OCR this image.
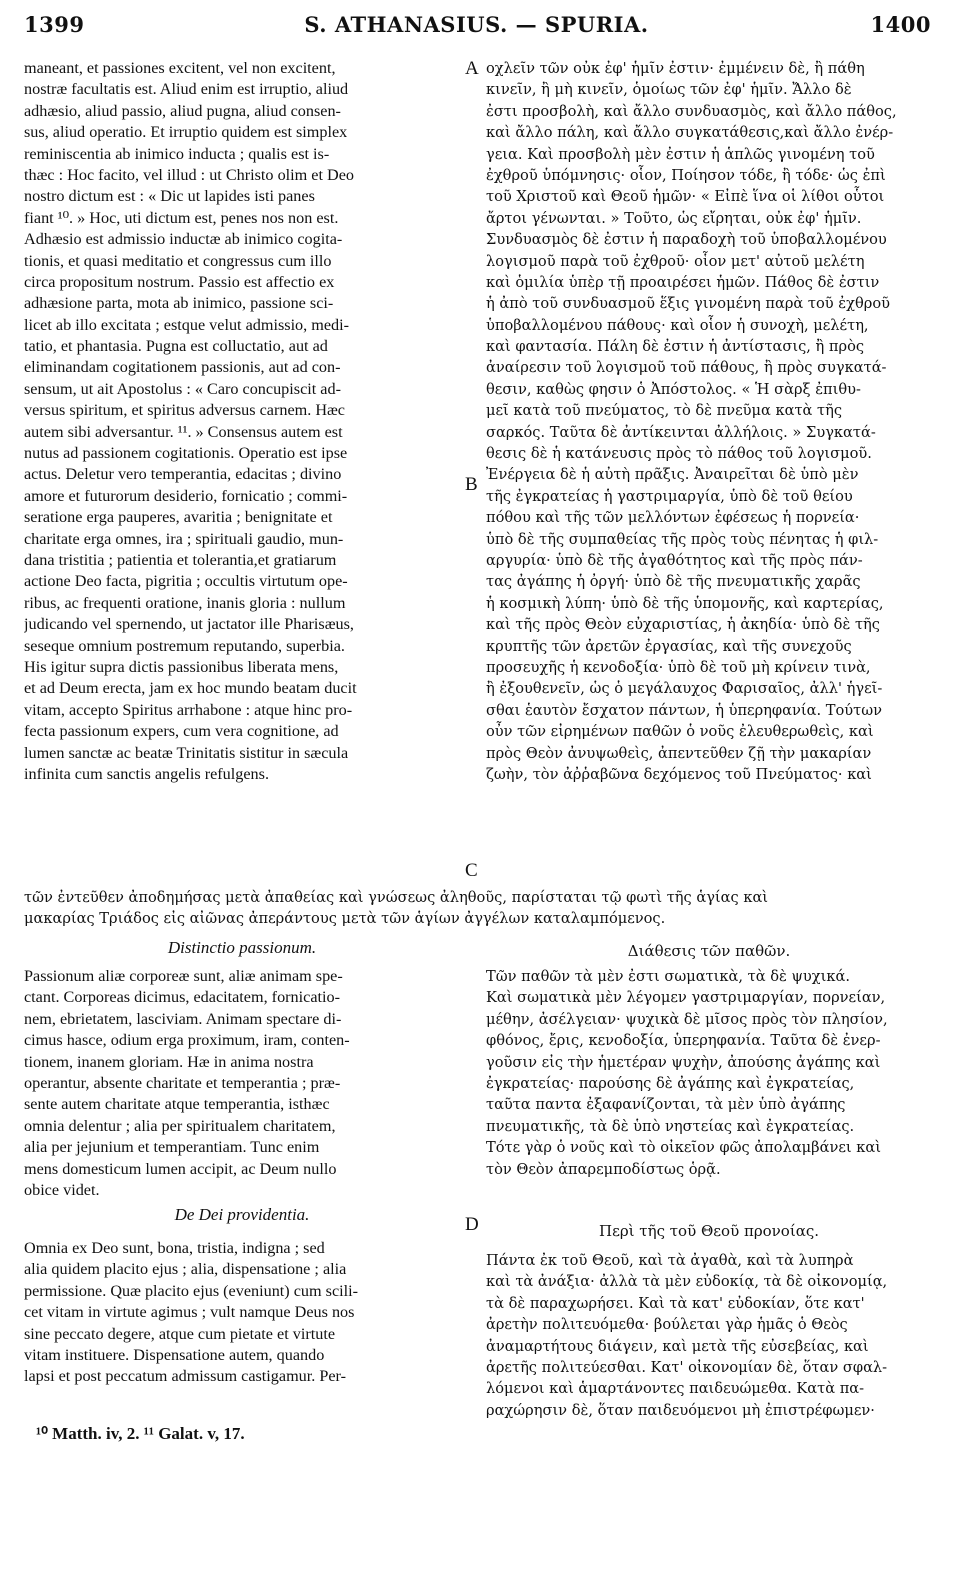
1399	S. ATHANASIUS. — SPURIA.	1400
A
B
C
D
maneant, et passiones excitent, vel non excitent,
nostræ facultatis est. Aliud enim est irruptio, aliud
adhæsio, aliud passio, aliud pugna, aliud consen-
sus, aliud operatio. Et irruptio quidem est simplex
reminiscentia ab inimico inducta ; qualis est is-
thæc : Hoc facito, vel illud : ut Christo olim et Deo
nostro dictum est : « Dic ut lapides isti panes
fiant ¹⁰. » Hoc, uti dictum est, penes nos non est.
Adhæsio est admissio inductæ ab inimico cogita-
tionis, et quasi meditatio et congressus cum illo
circa propositum nostrum. Passio est affectio ex
adhæsione parta, mota ab inimico, passione sci-
licet ab illo excitata ; estque velut admissio, medi-
tatio, et phantasia. Pugna est colluctatio, aut ad
eliminandam cogitationem passionis, aut ad con-
sensum, ut ait Apostolus : « Caro concupiscit ad-
versus spiritum, et spiritus adversus carnem. Hæc
autem sibi adversantur. ¹¹. » Consensus autem est
nutus ad passionem cogitationis. Operatio est ipse
actus. Deletur vero temperantia, edacitas ; divino
amore et futurorum desiderio, fornicatio ; commi-
seratione erga pauperes, avaritia ; benignitate et
charitate erga omnes, ira ; spirituali gaudio, mun-
dana tristitia ; patientia et tolerantia,et gratiarum
actione Deo facta, pigritia ; occultis virtutum ope-
ribus, ac frequenti oratione, inanis gloria : nullum
judicando vel spernendo, ut jactator ille Pharisæus,
seseque omnium postremum reputando, superbia.
His igitur supra dictis passionibus liberata mens,
et ad Deum erecta, jam ex hoc mundo beatam ducit
vitam, accepto Spiritus arrhabone : atque hinc pro-
fecta passionum expers, cum vera cognitione, ad
lumen sanctæ ac beatæ Trinitatis sistitur in sæcula
infinita cum sanctis angelis refulgens.
οχλεῖν τῶν οὐκ ἐφ' ἡμῖν ἐστιν· ἐμμένειν δὲ, ἢ πάθη
κινεῖν, ἢ μὴ κινεῖν, ὁμοίως τῶν ἐφ' ἡμῖν. Ἄλλο δὲ
ἐστι προσβολὴ, καὶ ἄλλο συνδυασμὸς, καὶ ἄλλο πάθος,
καὶ ἄλλο πάλη, καὶ ἄλλο συγκατάθεσις,καὶ ἄλλο ἐνέρ-
γεια. Καὶ προσβολὴ μὲν ἐστιν ἡ ἁπλῶς γινομένη τοῦ
ἐχθροῦ ὑπόμνησις· οἷον, Ποίησον τόδε, ἢ τόδε· ὡς ἐπὶ
τοῦ Χριστοῦ καὶ Θεοῦ ἡμῶν· « Εἰπὲ ἵνα οἱ λίθοι οὗτοι
ἄρτοι γένωνται. » Τοῦτο, ὡς εἴρηται, οὐκ ἐφ' ἡμῖν.
Συνδυασμὸς δὲ ἐστιν ἡ παραδοχὴ τοῦ ὑποβαλλομένου
λογισμοῦ παρὰ τοῦ ἐχθροῦ· οἷον μετ' αὐτοῦ μελέτη
καὶ ὁμιλία ὑπὲρ τῇ προαιρέσει ἡμῶν. Πάθος δὲ ἐστιν
ἡ ἀπὸ τοῦ συνδυασμοῦ ἕξις γινομένη παρὰ τοῦ ἐχθροῦ
ὑποβαλλομένου πάθους· καὶ οἷον ἡ συνοχὴ, μελέτη,
καὶ φαντασία. Πάλη δὲ ἐστιν ἡ ἀντίστασις, ἢ πρὸς
ἀναίρεσιν τοῦ λογισμοῦ τοῦ πάθους, ἢ πρὸς συγκατά-
θεσιν, καθὼς φησιν ὁ Ἀπόστολος. « Ἡ σὰρξ ἐπιθυ-
μεῖ κατὰ τοῦ πνεύματος, τὸ δὲ πνεῦμα κατὰ τῆς
σαρκός. Ταῦτα δὲ ἀντίκεινται ἀλλήλοις. » Συγκατά-
θεσις δὲ ἡ κατάνευσις πρὸς τὸ πάθος τοῦ λογισμοῦ.
Ἐνέργεια δὲ ἡ αὐτὴ πρᾶξις. Ἀναιρεῖται δὲ ὑπὸ μὲν
τῆς ἐγκρατείας ἡ γαστριμαργία, ὑπὸ δὲ τοῦ θείου
πόθου καὶ τῆς τῶν μελλόντων ἐφέσεως ἡ πορνεία·
ὑπὸ δὲ τῆς συμπαθείας τῆς πρὸς τοὺς πένητας ἡ φιλ-
αργυρία· ὑπὸ δὲ τῆς ἀγαθότητος καὶ τῆς πρὸς πάν-
τας ἀγάπης ἡ ὀργή· ὑπὸ δὲ τῆς πνευματικῆς χαρᾶς
ἡ κοσμικὴ λύπη· ὑπὸ δὲ τῆς ὑπομονῆς, καὶ καρτερίας,
καὶ τῆς πρὸς Θεὸν εὐχαριστίας, ἡ ἀκηδία· ὑπὸ δὲ τῆς
κρυπτῆς τῶν ἀρετῶν ἐργασίας, καὶ τῆς συνεχοῦς
προσευχῆς ἡ κενοδοξία· ὑπὸ δὲ τοῦ μὴ κρίνειν τινὰ,
ἢ ἐξουθενεῖν, ὡς ὁ μεγάλαυχος Φαρισαῖος, ἀλλ' ἡγεῖ-
σθαι ἑαυτὸν ἔσχατον πάντων, ἡ ὑπερηφανία. Τούτων
οὖν τῶν εἰρημένων παθῶν ὁ νοῦς ἐλευθερωθεὶς, καὶ
πρὸς Θεὸν ἀνυψωθεὶς, ἀπεντεῦθεν ζῇ τὴν μακαρίαν
ζωὴν, τὸν ἀῤῥαβῶνα δεχόμενος τοῦ Πνεύματος· καὶ
τῶν ἐντεῦθεν ἀποδημήσας μετὰ ἀπαθείας καὶ γνώσεως ἀληθοῦς, παρίσταται τῷ φωτὶ τῆς ἁγίας καὶ
μακαρίας Τριάδος εἰς αἰῶνας ἀπεράντους μετὰ τῶν ἁγίων ἀγγέλων καταλαμπόμενος.
Distinctio passionum.	Διάθεσις τῶν παθῶν.
Passionum aliæ corporeæ sunt, aliæ animam spe-
ctant. Corporeas dicimus, edacitatem, fornicatio-
nem, ebrietatem, lasciviam. Animam spectare di-
cimus hasce, odium erga proximum, iram, conten-
tionem, inanem gloriam. Hæ in anima nostra
operantur, absente charitate et temperantia ; præ-
sente autem charitate atque temperantia, isthæc
omnia delentur ; alia per spiritualem charitatem,
alia per jejunium et temperantiam. Tunc enim
mens domesticum lumen accipit, ac Deum nullo
obice videt.
Τῶν παθῶν τὰ μὲν ἐστι σωματικὰ, τὰ δὲ ψυχικά.
Καὶ σωματικὰ μὲν λέγομεν γαστριμαργίαν, πορνείαν,
μέθην, ἀσέλγειαν· ψυχικὰ δὲ μῖσος πρὸς τὸν πλησίον,
φθόνος, ἔρις, κενοδοξία, ὑπερηφανία. Ταῦτα δὲ ἐνερ-
γοῦσιν εἰς τὴν ἡμετέραν ψυχὴν, ἀπούσης ἀγάπης καὶ
ἐγκρατείας· παρούσης δὲ ἀγάπης καὶ ἐγκρατείας,
ταῦτα παντα ἐξαφανίζονται, τὰ μὲν ὑπὸ ἀγάπης
πνευματικῆς, τὰ δὲ ὑπὸ νηστείας καὶ ἐγκρατείας.
Τότε γὰρ ὁ νοῦς καὶ τὸ οἰκεῖον φῶς ἀπολαμβάνει καὶ
τὸν Θεὸν ἀπαρεμποδίστως ὁρᾷ.
De Dei providentia.
Περὶ τῆς τοῦ Θεοῦ προνοίας.
Omnia ex Deo sunt, bona, tristia, indigna ; sed
alia quidem placito ejus ; alia, dispensatione ; alia
permissione. Quæ placito ejus (eveniunt) cum scili-
cet vitam in virtute agimus ; vult namque Deus nos
sine peccato degere, atque cum pietate et virtute
vitam instituere. Dispensatione autem, quando
lapsi et post peccatum admissum castigamur. Per-
Πάντα ἐκ τοῦ Θεοῦ, καὶ τὰ ἀγαθὰ, καὶ τὰ λυπηρὰ
καὶ τὰ ἀνάξια· ἀλλὰ τὰ μὲν εὐδοκίᾳ, τὰ δὲ οἰκονομίᾳ,
τὰ δὲ παραχωρήσει. Καὶ τὰ κατ' εὐδοκίαν, ὅτε κατ'
ἀρετὴν πολιτευόμεθα· βούλεται γὰρ ἡμᾶς ὁ Θεὸς
ἀναμαρτήτους διάγειν, καὶ μετὰ τῆς εὐσεβείας, καὶ
ἀρετῆς πολιτεύεσθαι. Κατ' οἰκονομίαν δὲ, ὅταν σφαλ-
λόμενοι καὶ ἁμαρτάνοντες παιδευώμεθα. Κατὰ πα-
ραχώρησιν δὲ, ὅταν παιδευόμενοι μὴ ἐπιστρέφωμεν·
¹⁰ Matth. iv, 2. ¹¹ Galat. v, 17.
